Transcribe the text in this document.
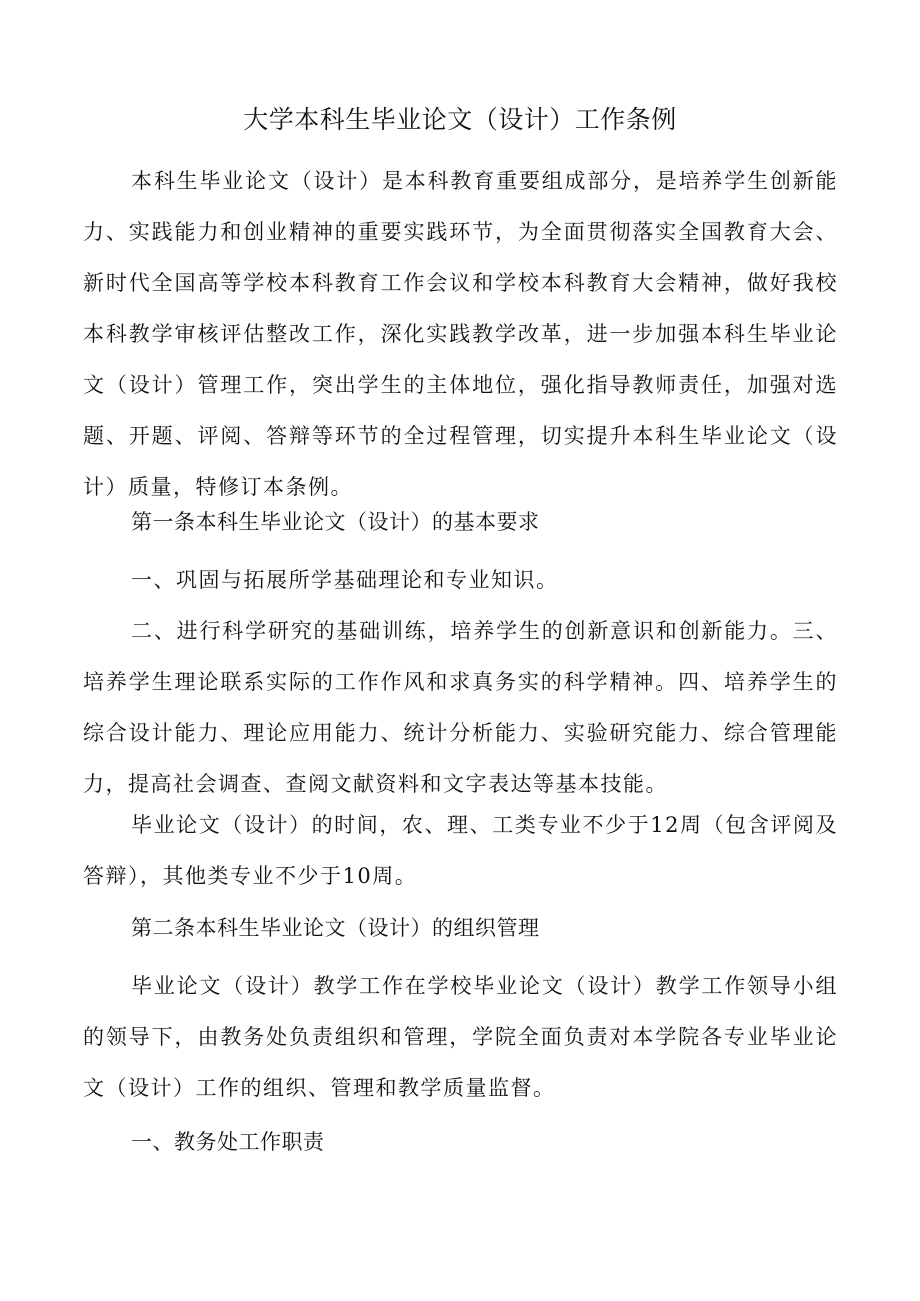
大学本科生毕业论文（设计）工作条例

本科生毕业论文（设计）是本科教育重要组成部分，是培养学生创新能力、实践能力和创业精神的重要实践环节，为全面贯彻落实全国教育大会、新时代全国高等学校本科教育工作会议和学校本科教育大会精神，做好我校本科教学审核评估整改工作，深化实践教学改革，进一步加强本科生毕业论文（设计）管理工作，突出学生的主体地位，强化指导教师责任，加强对选题、开题、评阅、答辩等环节的全过程管理，切实提升本科生毕业论文（设计）质量，特修订本条例。

第一条本科生毕业论文（设计）的基本要求

一、巩固与拓展所学基础理论和专业知识。

二、进行科学研究的基础训练，培养学生的创新意识和创新能力。三、培养学生理论联系实际的工作作风和求真务实的科学精神。四、培养学生的综合设计能力、理论应用能力、统计分析能力、实验研究能力、综合管理能力，提高社会调查、查阅文献资料和文字表达等基本技能。

毕业论文（设计）的时间，农、理、工类专业不少于12周（包含评阅及答辩），其他类专业不少于10周。

第二条本科生毕业论文（设计）的组织管理

毕业论文（设计）教学工作在学校毕业论文（设计）教学工作领导小组的领导下，由教务处负责组织和管理，学院全面负责对本学院各专业毕业论文（设计）工作的组织、管理和教学质量监督。

一、教务处工作职责
